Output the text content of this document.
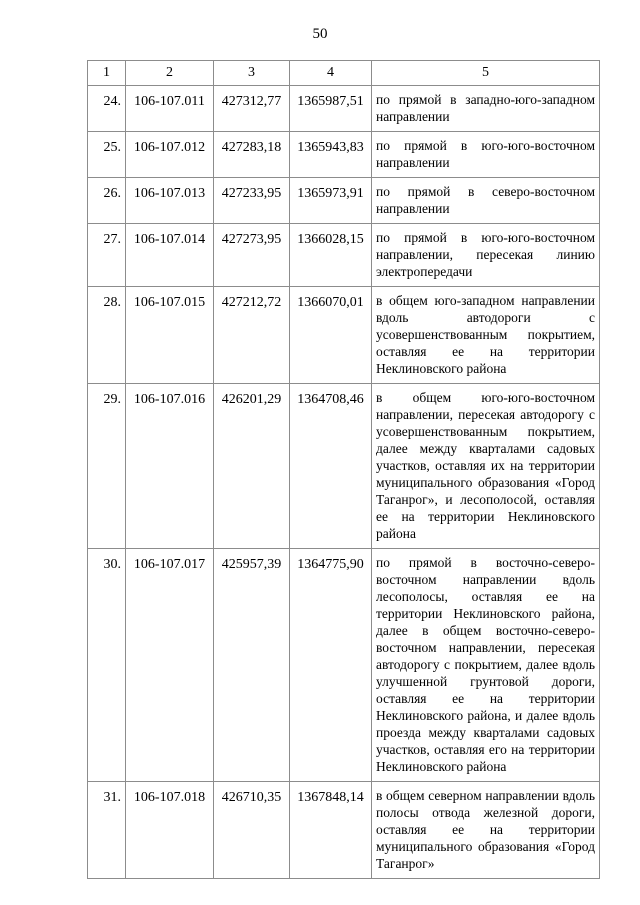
50
1	2	3	4	5
24.	106-107.011	427312,77	1365987,51	по прямой в западно-юго-западном направлении
25.	106-107.012	427283,18	1365943,83	по прямой в юго-юго-восточном направлении
26.	106-107.013	427233,95	1365973,91	по прямой в северо-восточном направлении
27.	106-107.014	427273,95	1366028,15	по прямой в юго-юго-восточном направлении, пересекая линию электропередачи
28.	106-107.015	427212,72	1366070,01	в общем юго-западном направлении вдоль автодороги с усовершенствованным покрытием, оставляя ее на территории Неклиновского района
29.	106-107.016	426201,29	1364708,46	в общем юго-юго-восточном направлении, пересекая автодорогу с усовершенствованным покрытием, далее между кварталами садовых участков, оставляя их на территории муниципального образования «Город Таганрог», и лесополосой, оставляя ее на территории Неклиновского района
30.	106-107.017	425957,39	1364775,90	по прямой в восточно-северо-восточном направлении вдоль лесополосы, оставляя ее на территории Неклиновского района, далее в общем восточно-северо-восточном направлении, пересекая автодорогу с покрытием, далее вдоль улучшенной грунтовой дороги, оставляя ее на территории Неклиновского района, и далее вдоль проезда между кварталами садовых участков, оставляя его на территории Неклиновского района
31.	106-107.018	426710,35	1367848,14	в общем северном направлении вдоль полосы отвода железной дороги, оставляя ее на территории муниципального образования «Город Таганрог»
